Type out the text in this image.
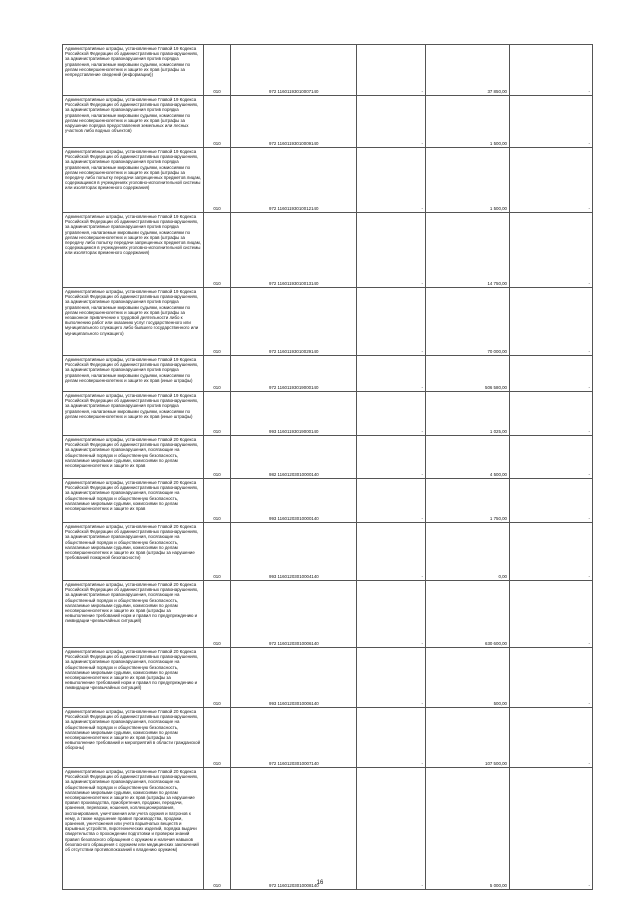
Административные штрафы, установленные Главой 19 Кодекса Российской Федерации об административных правонарушениях, за административные правонарушения против порядка управления, налагаемые мировыми судьями, комиссиями по делам несовершеннолетних и защите их прав (штрафы за непредставление сведений (информации))	010	972 11601193010007140	-	37 850,00	-
Административные штрафы, установленные Главой 19 Кодекса Российской Федерации об административных правонарушениях, за административные правонарушения против порядка управления, налагаемые мировыми судьями, комиссиями по делам несовершеннолетних и защите их прав (штрафы за нарушение порядка предоставления земельных или лесных участков либо водных объектов)	010	972 11601193010009140	-	1 500,00	-
Административные штрафы, установленные Главой 19 Кодекса Российской Федерации об административных правонарушениях, за административные правонарушения против порядка управления, налагаемые мировыми судьями, комиссиями по делам несовершеннолетних и защите их прав (штрафы за передачу либо попытку передачи запрещенных предметов лицам, содержащимся в учреждениях уголовно-исполнительной системы или изоляторах временного содержания)	010	972 11601193010012140	-	1 500,00	-
Административные штрафы, установленные Главой 19 Кодекса Российской Федерации об административных правонарушениях, за административные правонарушения против порядка управления, налагаемые мировыми судьями, комиссиями по делам несовершеннолетних и защите их прав (штрафы за передачу либо попытку передачи запрещенных предметов лицам, содержащимся в учреждениях уголовно-исполнительной системы или изоляторах временного содержания)	010	972 11601193010013140	-	14 750,00	-
Административные штрафы, установленные Главой 19 Кодекса Российской Федерации об административных правонарушениях, за административные правонарушения против порядка управления, налагаемые мировыми судьями, комиссиями по делам несовершеннолетних и защите их прав (штрафы за незаконное привлечение к трудовой деятельности либо к выполнению работ или оказанию услуг государственного или муниципального служащего либо бывшего государственного или муниципального служащего)	010	972 11601193010029140	-	70 000,00	-
Административные штрафы, установленные Главой 19 Кодекса Российской Федерации об административных правонарушениях, за административные правонарушения против порядка управления, налагаемые мировыми судьями, комиссиями по делам несовершеннолетних и защите их прав (иные штрафы)	010	972 11601193019000140	-	506 580,00	-
Административные штрафы, установленные Главой 19 Кодекса Российской Федерации об административных правонарушениях, за административные правонарушения против порядка управления, налагаемые мировыми судьями, комиссиями по делам несовершеннолетних и защите их прав (иные штрафы)	010	993 11601193019000140	-	1 025,00	-
Административные штрафы, установленные Главой 20 Кодекса Российской Федерации об административных правонарушениях, за административные правонарушения, посягающие на общественный порядок и общественную безопасность, налагаемые мировыми судьями, комиссиями по делам несовершеннолетних и защите их прав	010	982 11601203010000140	-	4 500,00	-
Административные штрафы, установленные Главой 20 Кодекса Российской Федерации об административных правонарушениях, за административные правонарушения, посягающие на общественный порядок и общественную безопасность, налагаемые мировыми судьями, комиссиями по делам несовершеннолетних и защите их прав	010	993 11601203010000140	-	1 750,00	-
Административные штрафы, установленные Главой 20 Кодекса Российской Федерации об административных правонарушениях, за административные правонарушения, посягающие на общественный порядок и общественную безопасность, налагаемые мировыми судьями, комиссиями по делам несовершеннолетних и защите их прав (штрафы за нарушение требований пожарной безопасности)	010	993 11601203010004140	-	0,00	-
Административные штрафы, установленные Главой 20 Кодекса Российской Федерации об административных правонарушениях, за административные правонарушения, посягающие на общественный порядок и общественную безопасность, налагаемые мировыми судьями, комиссиями по делам несовершеннолетних и защите их прав (штрафы за невыполнение требований норм и правил по предупреждению и ликвидации чрезвычайных ситуаций)	010	972 11601203010006140	-	630 600,00	-
Административные штрафы, установленные Главой 20 Кодекса Российской Федерации об административных правонарушениях, за административные правонарушения, посягающие на общественный порядок и общественную безопасность, налагаемые мировыми судьями, комиссиями по делам несовершеннолетних и защите их прав (штрафы за невыполнение требований норм и правил по предупреждению и ликвидации чрезвычайных ситуаций)	010	993 11601203010006140	-	500,00	-
Административные штрафы, установленные Главой 20 Кодекса Российской Федерации об административных правонарушениях, за административные правонарушения, посягающие на общественный порядок и общественную безопасность, налагаемые мировыми судьями, комиссиями по делам несовершеннолетних и защите их прав (штрафы за невыполнение требований и мероприятий в области гражданской обороны)	010	972 11601203010007140	-	107 500,00	-
Административные штрафы, установленные Главой 20 Кодекса Российской Федерации об административных правонарушениях, за административные правонарушения, посягающие на общественный порядок и общественную безопасность, налагаемые мировыми судьями, комиссиями по делам несовершеннолетних и защите их прав (штрафы за нарушение правил производства, приобретения, продажи, передачи, хранения, перевозки, ношения, коллекционирования, экспонирования, уничтожения или учета оружия и патронов к нему, а также нарушение правил производства, продажи, хранения, уничтожения или учета взрывчатых веществ и взрывных устройств, пиротехнических изделий, порядка выдачи свидетельства о прохождении подготовки и проверки знаний правил безопасного обращения с оружием и наличия навыков безопасного обращения с оружием или медицинских заключений об отсутствии противопоказаний к владению оружием)	010	972 11601203010008140	-	5 000,00	-
16
